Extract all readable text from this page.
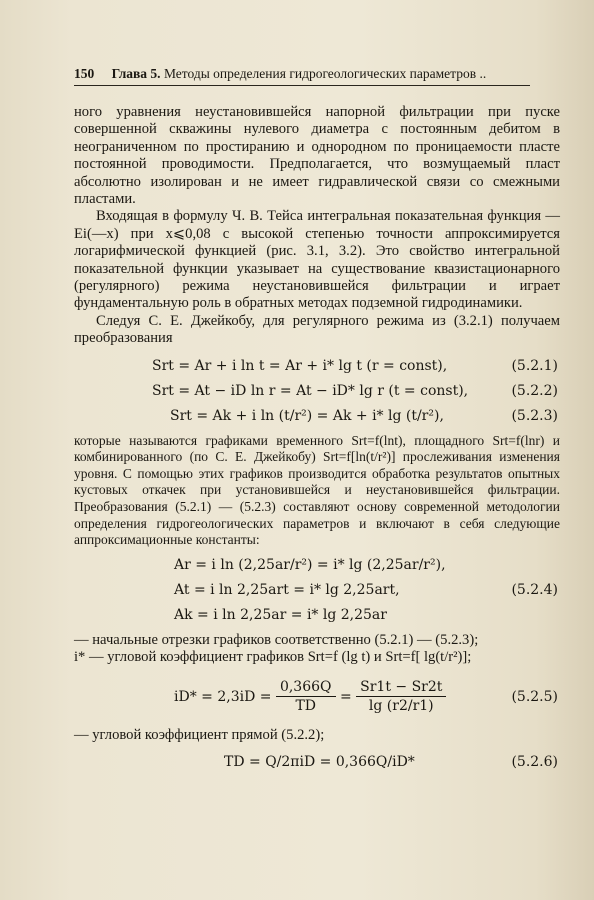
150 Глава 5. Методы определения гидрогеологических параметров ..

ного уравнения неустановившейся напорной фильтрации при пуске совершенной скважины нулевого диаметра с постоянным дебитом в неограниченном по простиранию и однородном по проницаемости пласте постоянной проводимости. Предполагается, что возмущаемый пласт абсолютно изолирован и не имеет гидравлической связи со смежными пластами.

Входящая в формулу Ч. В. Тейса интегральная показательная функция — Ei(—x) при x⩽0,08 с высокой степенью точности аппроксимируется логарифмической функцией (рис. 3.1, 3.2). Это свойство интегральной показательной функции указывает на существование квазистационарного (регулярного) режима неустановившейся фильтрации и играет фундаментальную роль в обратных методах подземной гидродинамики.

Следуя С. Е. Джейкобу, для регулярного режима из (3.2.1) получаем преобразования

Srt = Ar + i ln t = Ar + i* lg t (r = const),	(5.2.1)
Srt = At − iD ln r = At − iD* lg r (t = const),	(5.2.2)
Srt = Ak + i ln (t/r²) = Ak + i* lg (t/r²),	(5.2.3)

которые называются графиками временного Srt=f(lnt), площадного Srt=f(lnr) и комбинированного (по С. Е. Джейкобу) Srt=f[ln(t/r²)] прослеживания изменения уровня. С помощью этих графиков производится обработка результатов опытных кустовых откачек при установившейся и неустановившейся фильтрации. Преобразования (5.2.1) — (5.2.3) составляют основу современной методологии определения гидрогеологических параметров и включают в себя следующие аппроксимационные константы:

Ar = i ln (2,25ar/r²) = i* lg (2,25ar/r²),
At = i ln 2,25art = i* lg 2,25art,	(5.2.4)
Ak = i ln 2,25ar = i* lg 2,25ar

— начальные отрезки графиков соответственно (5.2.1) — (5.2.3);

i* — угловой коэффициент графиков Srt=f (lg t) и Srt=f[ lg(t/r²)];

$iD* = 2,3iD = \frac{0,366Q}{TD} = \frac{Sr1t - Sr2t}{\lg (r2/r1)}$	(5.2.5)

— угловой коэффициент прямой (5.2.2);

TD = Q/2πiD = 0,366Q/iD*	(5.2.6)
